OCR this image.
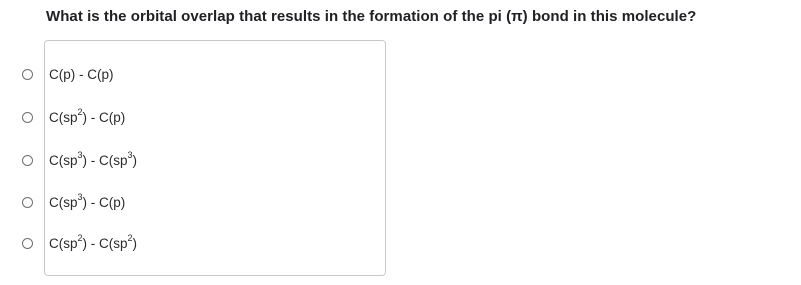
What is the orbital overlap that results in the formation of the pi (π) bond in this molecule?
C(p) - C(p)
$C(sp^2) - C(p)$
$C(sp^3) - C(sp^3)$
$C(sp^3) - C(p)$
$C(sp^2) - C(sp^2)$
